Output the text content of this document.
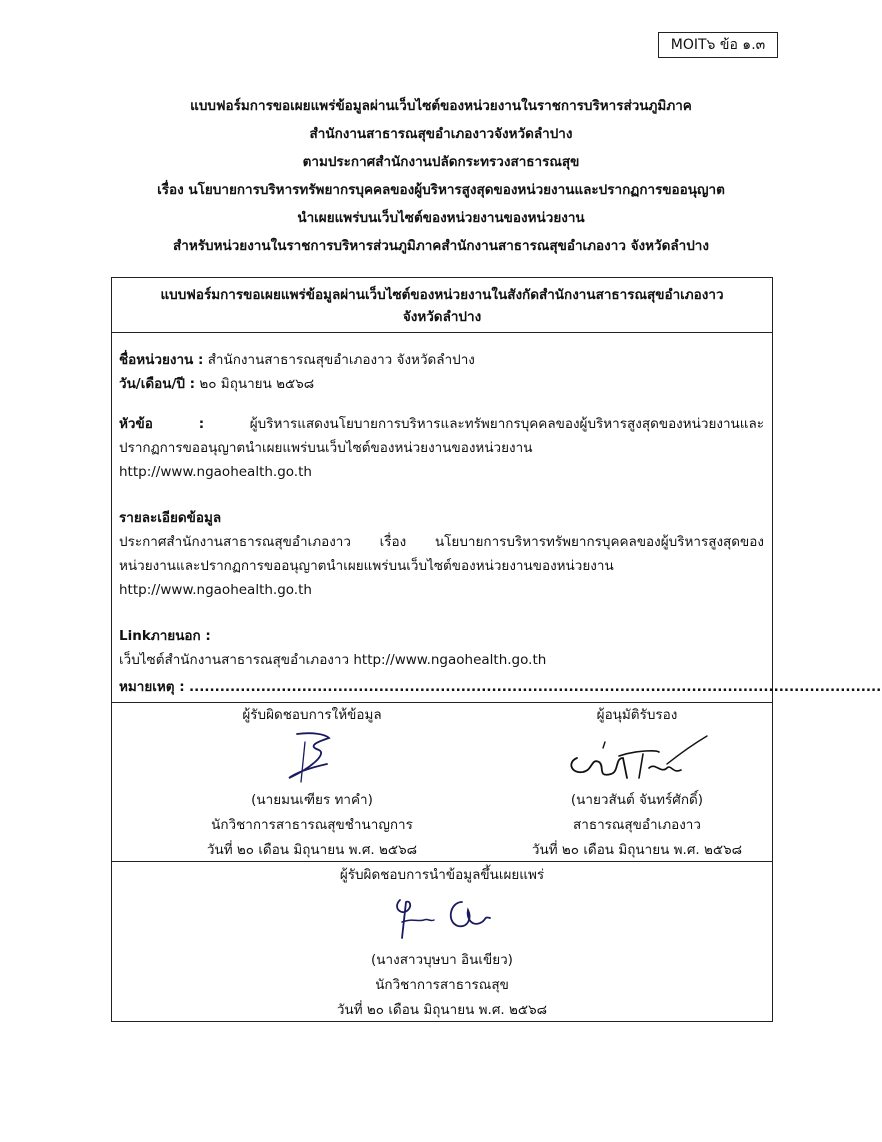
MOIT๖ ข้อ ๑.๓
แบบฟอร์มการขอเผยแพร่ข้อมูลผ่านเว็บไซต์ของหน่วยงานในราชการบริหารส่วนภูมิภาค
สำนักงานสาธารณสุขอำเภองาวจังหวัดลำปาง
ตามประกาศสำนักงานปลัดกระทรวงสาธารณสุข
เรื่อง นโยบายการบริหารทรัพยากรบุคคลของผู้บริหารสูงสุดของหน่วยงานและปรากฏการขออนุญาต
นำเผยแพร่บนเว็บไซต์ของหน่วยงานของหน่วยงาน
สำหรับหน่วยงานในราชการบริหารส่วนภูมิภาคสำนักงานสาธารณสุขอำเภองาว จังหวัดลำปาง
แบบฟอร์มการขอเผยแพร่ข้อมูลผ่านเว็บไซต์ของหน่วยงานในสังกัดสำนักงานสาธารณสุขอำเภองาว
จังหวัดลำปาง
ชื่อหน่วยงาน : สำนักงานสาธารณสุขอำเภองาว จังหวัดลำปาง
วัน/เดือน/ปี : ๒๐ มิถุนายน ๒๕๖๘
หัวข้อ :	ผู้บริหารแสดงนโยบายการบริหารและทรัพยากรบุคคลของผู้บริหารสูงสุดของหน่วยงานและ
ปรากฏการขออนุญาตนำเผยแพร่บนเว็บไซต์ของหน่วยงานของหน่วยงาน
http://www.ngaohealth.go.th
รายละเอียดข้อมูล
ประกาศสำนักงานสาธารณสุขอำเภองาว เรื่อง นโยบายการบริหารทรัพยากรบุคคลของผู้บริหารสูงสุดของ
หน่วยงานและปรากฏการขออนุญาตนำเผยแพร่บนเว็บไซต์ของหน่วยงานของหน่วยงาน
http://www.ngaohealth.go.th
Linkภายนอก :
เว็บไซต์สำนักงานสาธารณสุขอำเภองาว http://www.ngaohealth.go.th
หมายเหตุ : .......................................................................................................................................
ผู้รับผิดชอบการให้ข้อมูล
(นายมนเฑียร ทาคำ)
นักวิชาการสาธารณสุขชำนาญการ
วันที่ ๒๐ เดือน มิถุนายน พ.ศ. ๒๕๖๘
ผู้อนุมัติรับรอง
(นายวสันต์ จันทร์ศักดิ์)
สาธารณสุขอำเภองาว
วันที่ ๒๐ เดือน มิถุนายน พ.ศ. ๒๕๖๘
ผู้รับผิดชอบการนำข้อมูลขึ้นเผยแพร่
(นางสาวบุษบา อินเขียว)
นักวิชาการสาธารณสุข
วันที่ ๒๐ เดือน มิถุนายน พ.ศ. ๒๕๖๘
